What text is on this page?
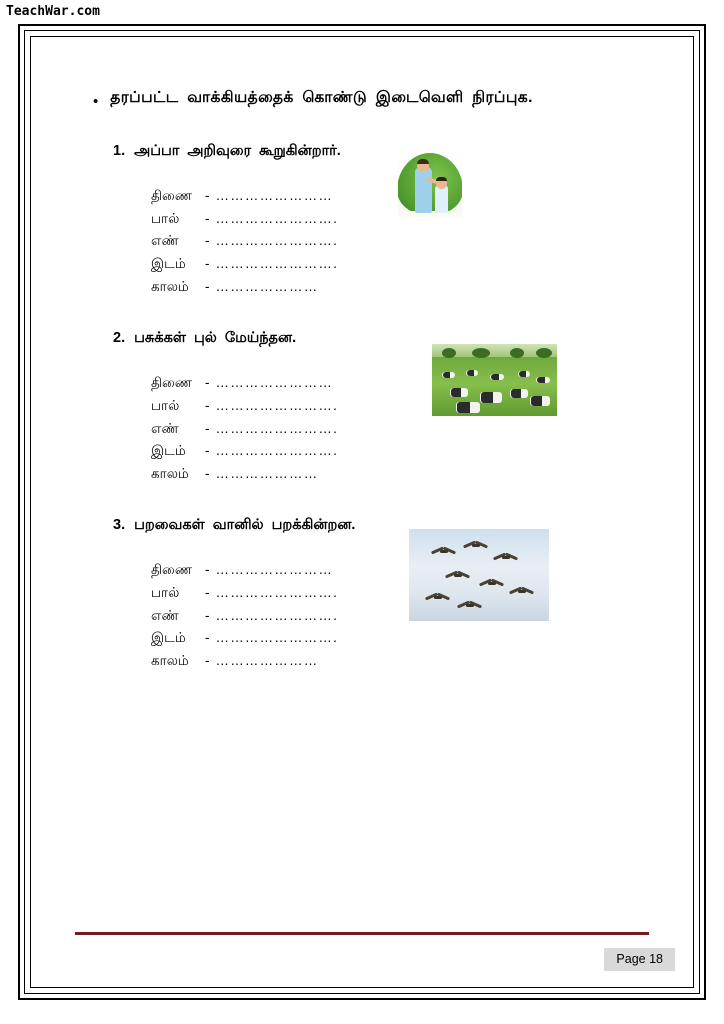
TeachWar.com
• தரப்பட்ட வாக்கியத்தைக் கொண்டு இடைவெளி நிரப்புக.
1. அப்பா அறிவுரை கூறுகின்றார்.
திணை - ……………………
பால்	- …………………….
எண்	- …………………….
இடம்	- …………………….
காலம்	- …………………
2. பசுக்கள் புல் மேய்ந்தன.
திணை - ……………………
பால்	- …………………….
எண்	- …………………….
இடம்	- …………………….
காலம்	- …………………
3. பறவைகள் வானில் பறக்கின்றன.
திணை - ……………………
பால்	- …………………….
எண்	- …………………….
இடம்	- …………………….
காலம்	- …………………
Page 18
